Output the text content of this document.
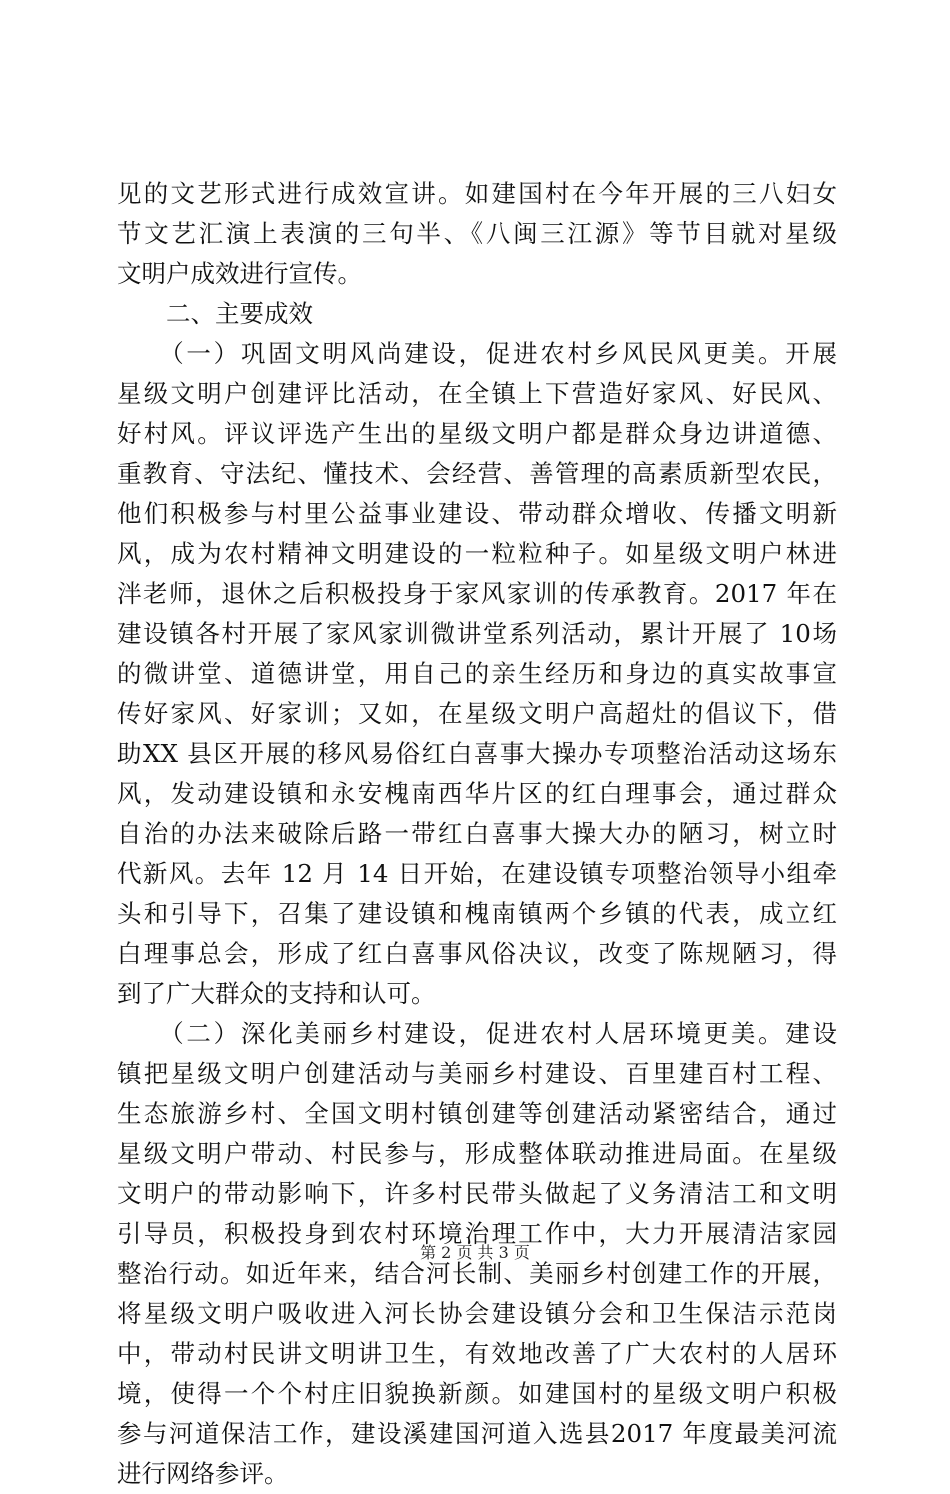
见的文艺形式进行成效宣讲。如建国村在今年开展的三八妇女
节文艺汇演上表演的三句半、《八闽三江源》等节目就对星级
文明户成效进行宣传。
　　二、主要成效
　　（一）巩固文明风尚建设，促进农村乡风民风更美。开展
星级文明户创建评比活动，在全镇上下营造好家风、好民风、
好村风。评议评选产生出的星级文明户都是群众身边讲道德、
重教育、守法纪、懂技术、会经营、善管理的高素质新型农民，
他们积极参与村里公益事业建设、带动群众增收、传播文明新
风，成为农村精神文明建设的一粒粒种子。如星级文明户林进
泮老师，退休之后积极投身于家风家训的传承教育。2017 年在
建设镇各村开展了家风家训微讲堂系列活动，累计开展了 10场
的微讲堂、道德讲堂，用自己的亲生经历和身边的真实故事宣
传好家风、好家训；又如，在星级文明户高超灶的倡议下，借
助XX 县区开展的移风易俗红白喜事大操办专项整治活动这场东
风，发动建设镇和永安槐南西华片区的红白理事会，通过群众
自治的办法来破除后路一带红白喜事大操大办的陋习，树立时
代新风。去年 12 月 14 日开始，在建设镇专项整治领导小组牵
头和引导下，召集了建设镇和槐南镇两个乡镇的代表，成立红
白理事总会，形成了红白喜事风俗决议，改变了陈规陋习，得
到了广大群众的支持和认可。
　　（二）深化美丽乡村建设，促进农村人居环境更美。建设
镇把星级文明户创建活动与美丽乡村建设、百里建百村工程、
生态旅游乡村、全国文明村镇创建等创建活动紧密结合，通过
星级文明户带动、村民参与，形成整体联动推进局面。在星级
文明户的带动影响下，许多村民带头做起了义务清洁工和文明
引导员，积极投身到农村环境治理工作中，大力开展清洁家园
整治行动。如近年来，结合河长制、美丽乡村创建工作的开展，
将星级文明户吸收进入河长协会建设镇分会和卫生保洁示范岗
中，带动村民讲文明讲卫生，有效地改善了广大农村的人居环
境，使得一个个村庄旧貌换新颜。如建国村的星级文明户积极
参与河道保洁工作，建设溪建国河道入选县2017 年度最美河流
进行网络参评。
第 2 页 共 3 页
